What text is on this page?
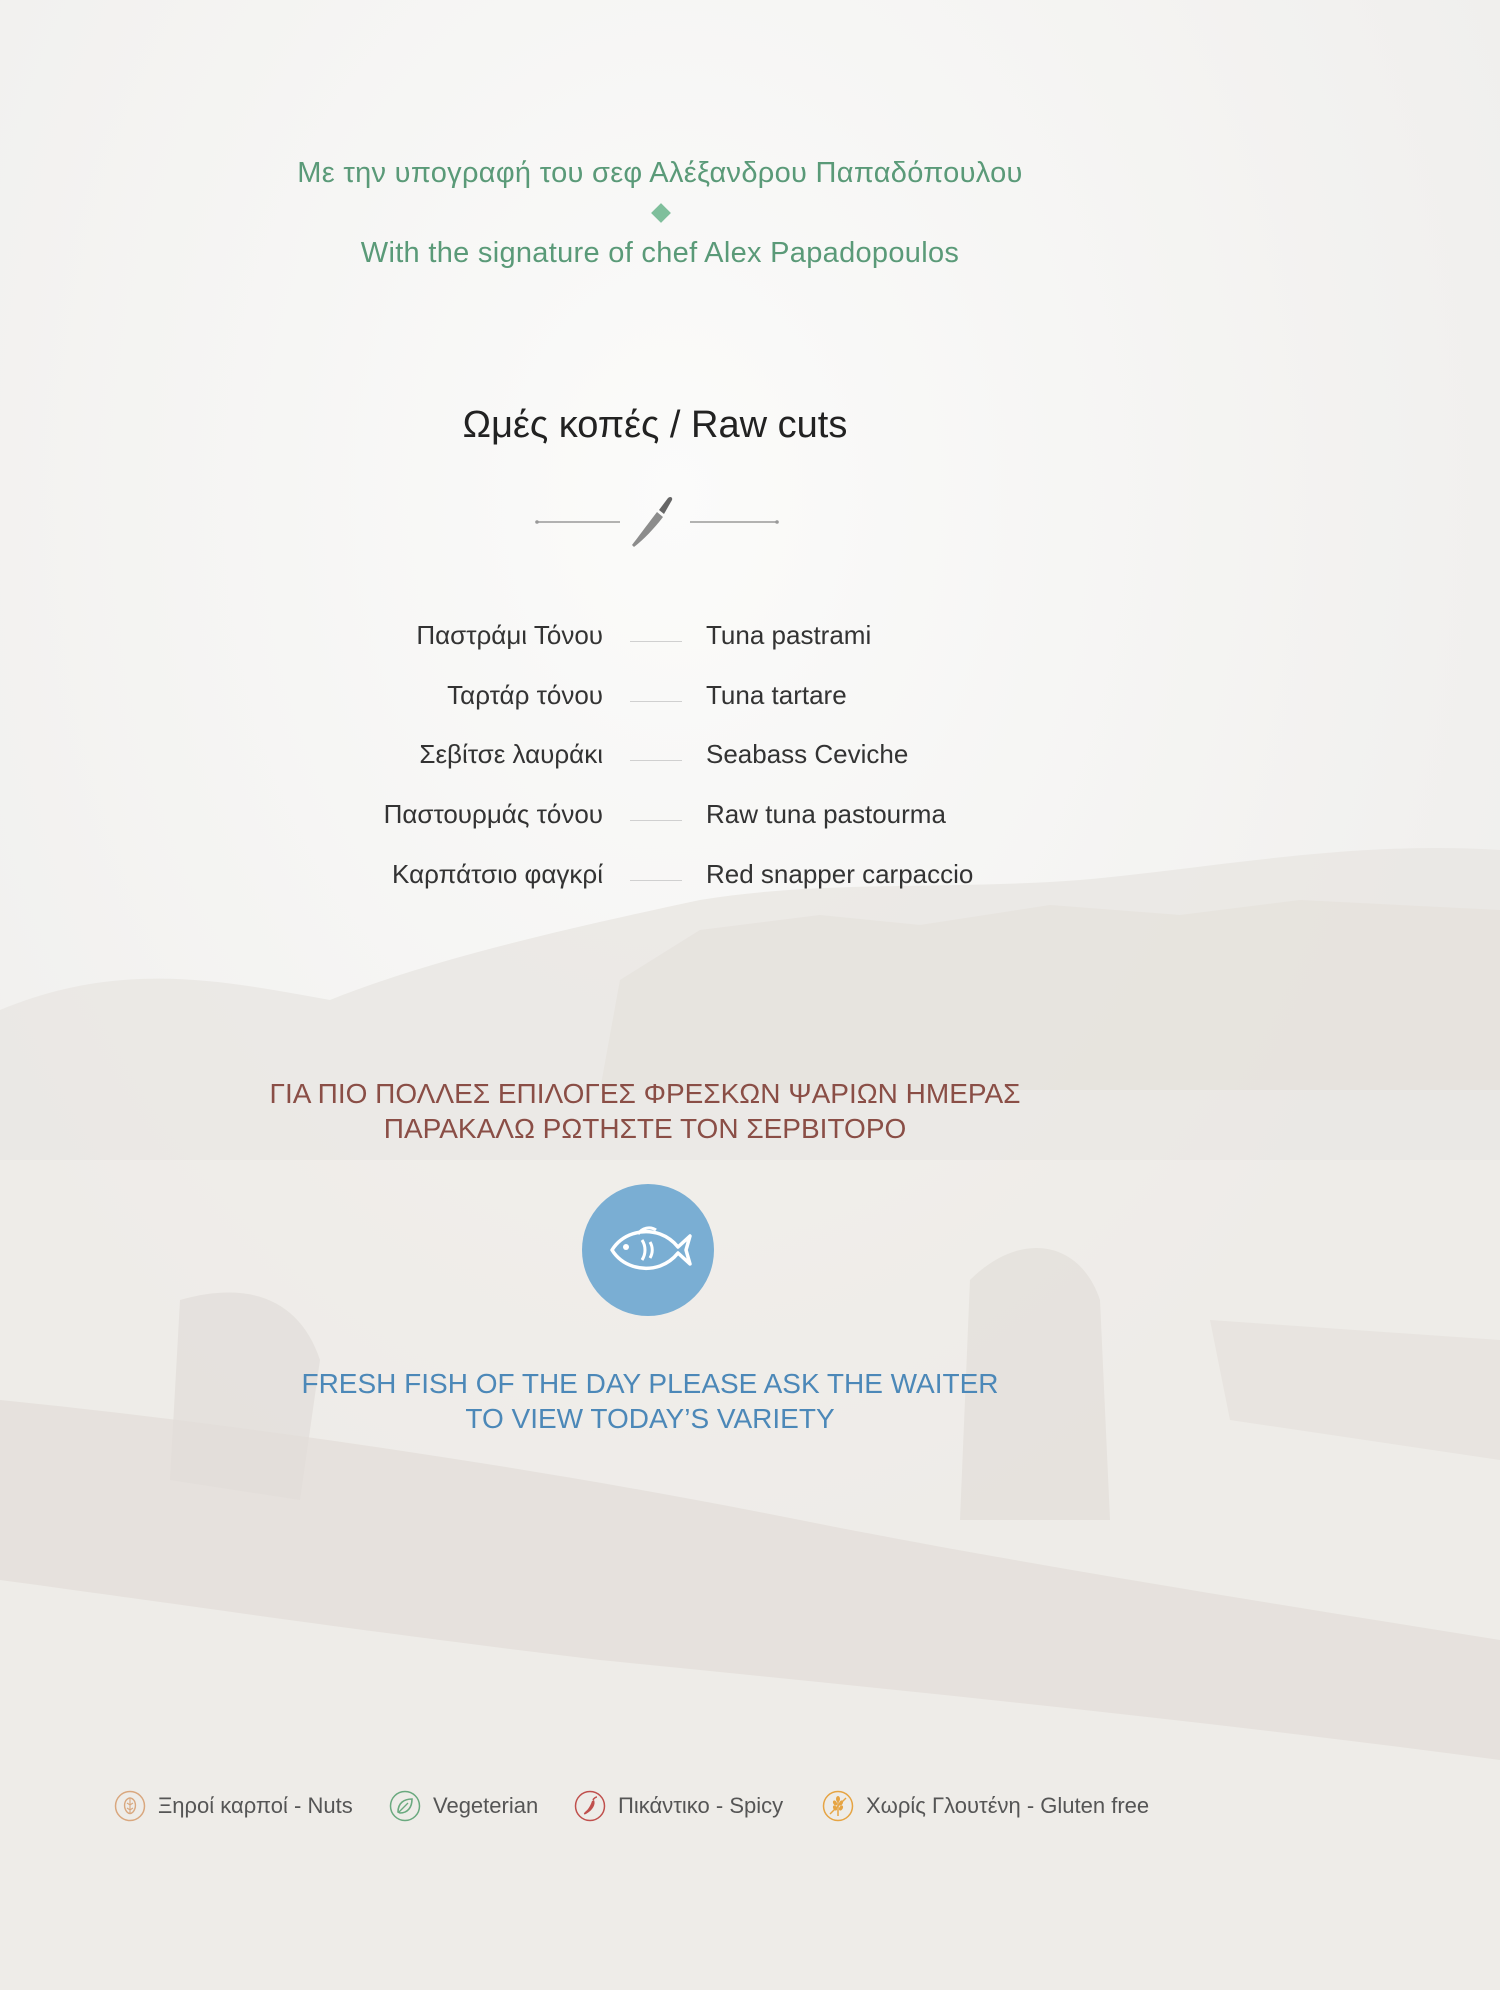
Με την υπογραφή του σεφ Αλέξανδρου Παπαδόπουλου
With the signature of chef Alex Papadopoulos
Ωμές κοπές / Raw cuts
Παστράμι Τόνου	Tuna pastrami
Ταρτάρ τόνου	Tuna tartare
Σεβίτσε λαυράκι	Seabass Ceviche
Παστουρμάς τόνου	Raw tuna pastourma
Καρπάτσιο φαγκρί	Red snapper carpaccio
ΓΙΑ ΠΙΟ ΠΟΛΛΕΣ ΕΠΙΛΟΓΕΣ ΦΡΕΣΚΩΝ ΨΑΡΙΩΝ ΗΜΕΡΑΣ
ΠΑΡΑΚΑΛΩ ΡΩΤΗΣΤΕ ΤΟΝ ΣΕΡΒΙΤΟΡΟ
FRESH FISH OF THE DAY PLEASE ASK THE WAITER
TO VIEW TODAY’S VARIETY
Ξηροί καρποί - Nuts	Vegeterian	Πικάντικο - Spicy	Χωρίς Γλουτένη - Gluten free
